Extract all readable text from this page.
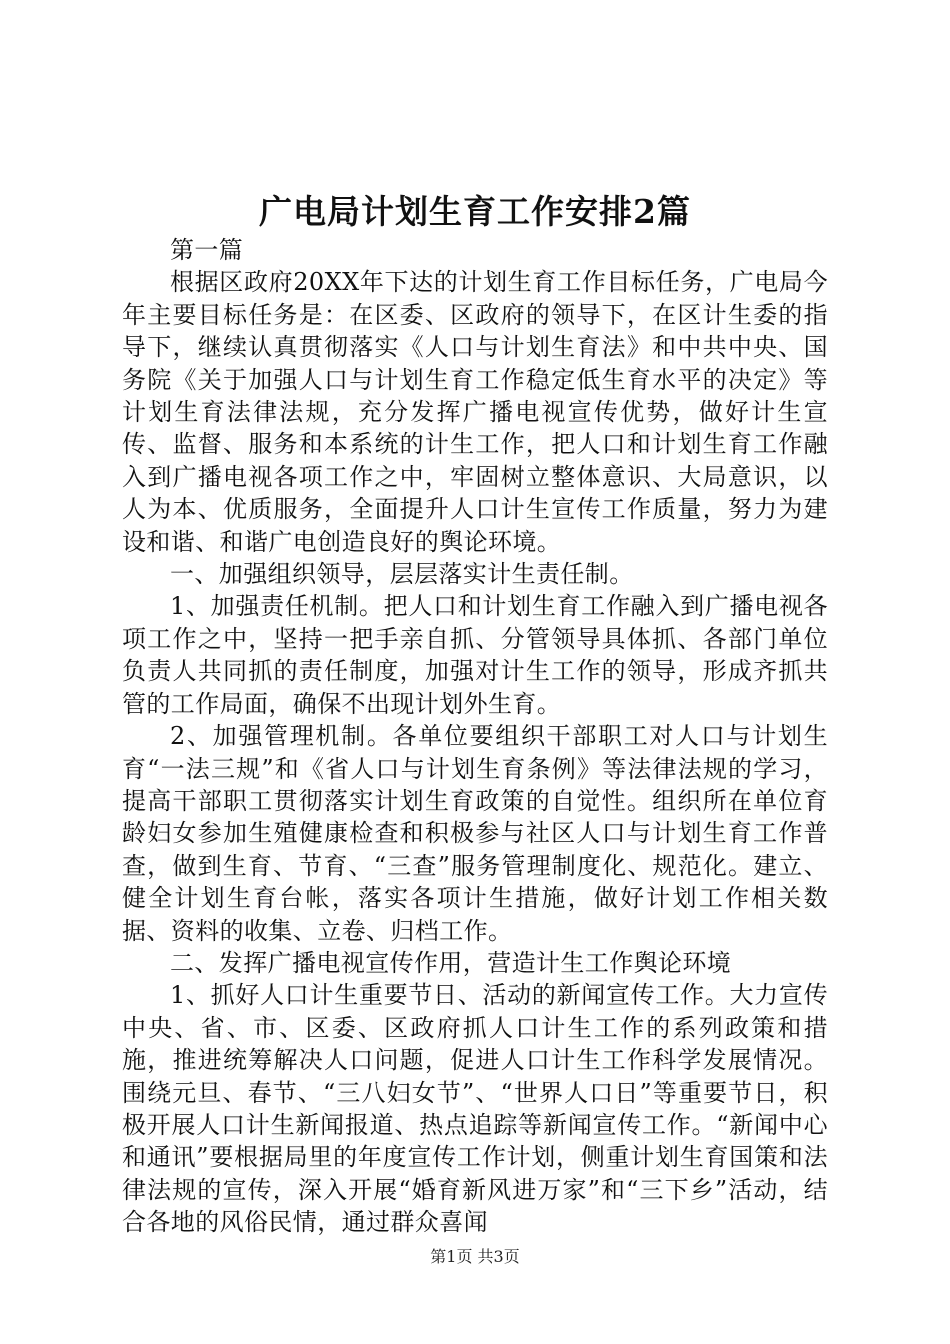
广电局计划生育工作安排2篇

第一篇

根据区政府20XX年下达的计划生育工作目标任务，广电局今年主要目标任务是：在区委、区政府的领导下，在区计生委的指导下，继续认真贯彻落实《人口与计划生育法》和中共中央、国务院《关于加强人口与计划生育工作稳定低生育水平的决定》等计划生育法律法规，充分发挥广播电视宣传优势，做好计生宣传、监督、服务和本系统的计生工作，把人口和计划生育工作融入到广播电视各项工作之中，牢固树立整体意识、大局意识，以人为本、优质服务，全面提升人口计生宣传工作质量，努力为建设和谐、和谐广电创造良好的舆论环境。

一、加强组织领导，层层落实计生责任制。

1、加强责任机制。把人口和计划生育工作融入到广播电视各项工作之中，坚持一把手亲自抓、分管领导具体抓、各部门单位负责人共同抓的责任制度，加强对计生工作的领导，形成齐抓共管的工作局面，确保不出现计划外生育。

2、加强管理机制。各单位要组织干部职工对人口与计划生育“一法三规”和《省人口与计划生育条例》等法律法规的学习，提高干部职工贯彻落实计划生育政策的自觉性。组织所在单位育龄妇女参加生殖健康检查和积极参与社区人口与计划生育工作普查，做到生育、节育、“三查”服务管理制度化、规范化。建立、健全计划生育台帐，落实各项计生措施，做好计划工作相关数据、资料的收集、立卷、归档工作。

二、发挥广播电视宣传作用，营造计生工作舆论环境

1、抓好人口计生重要节日、活动的新闻宣传工作。大力宣传中央、省、市、区委、区政府抓人口计生工作的系列政策和措施，推进统筹解决人口问题，促进人口计生工作科学发展情况。围绕元旦、春节、“三八妇女节”、“世界人口日”等重要节日，积极开展人口计生新闻报道、热点追踪等新闻宣传工作。“新闻中心和通讯”要根据局里的年度宣传工作计划，侧重计划生育国策和法律法规的宣传，深入开展“婚育新风进万家”和“三下乡”活动，结合各地的风俗民情，通过群众喜闻

第1页 共3页
